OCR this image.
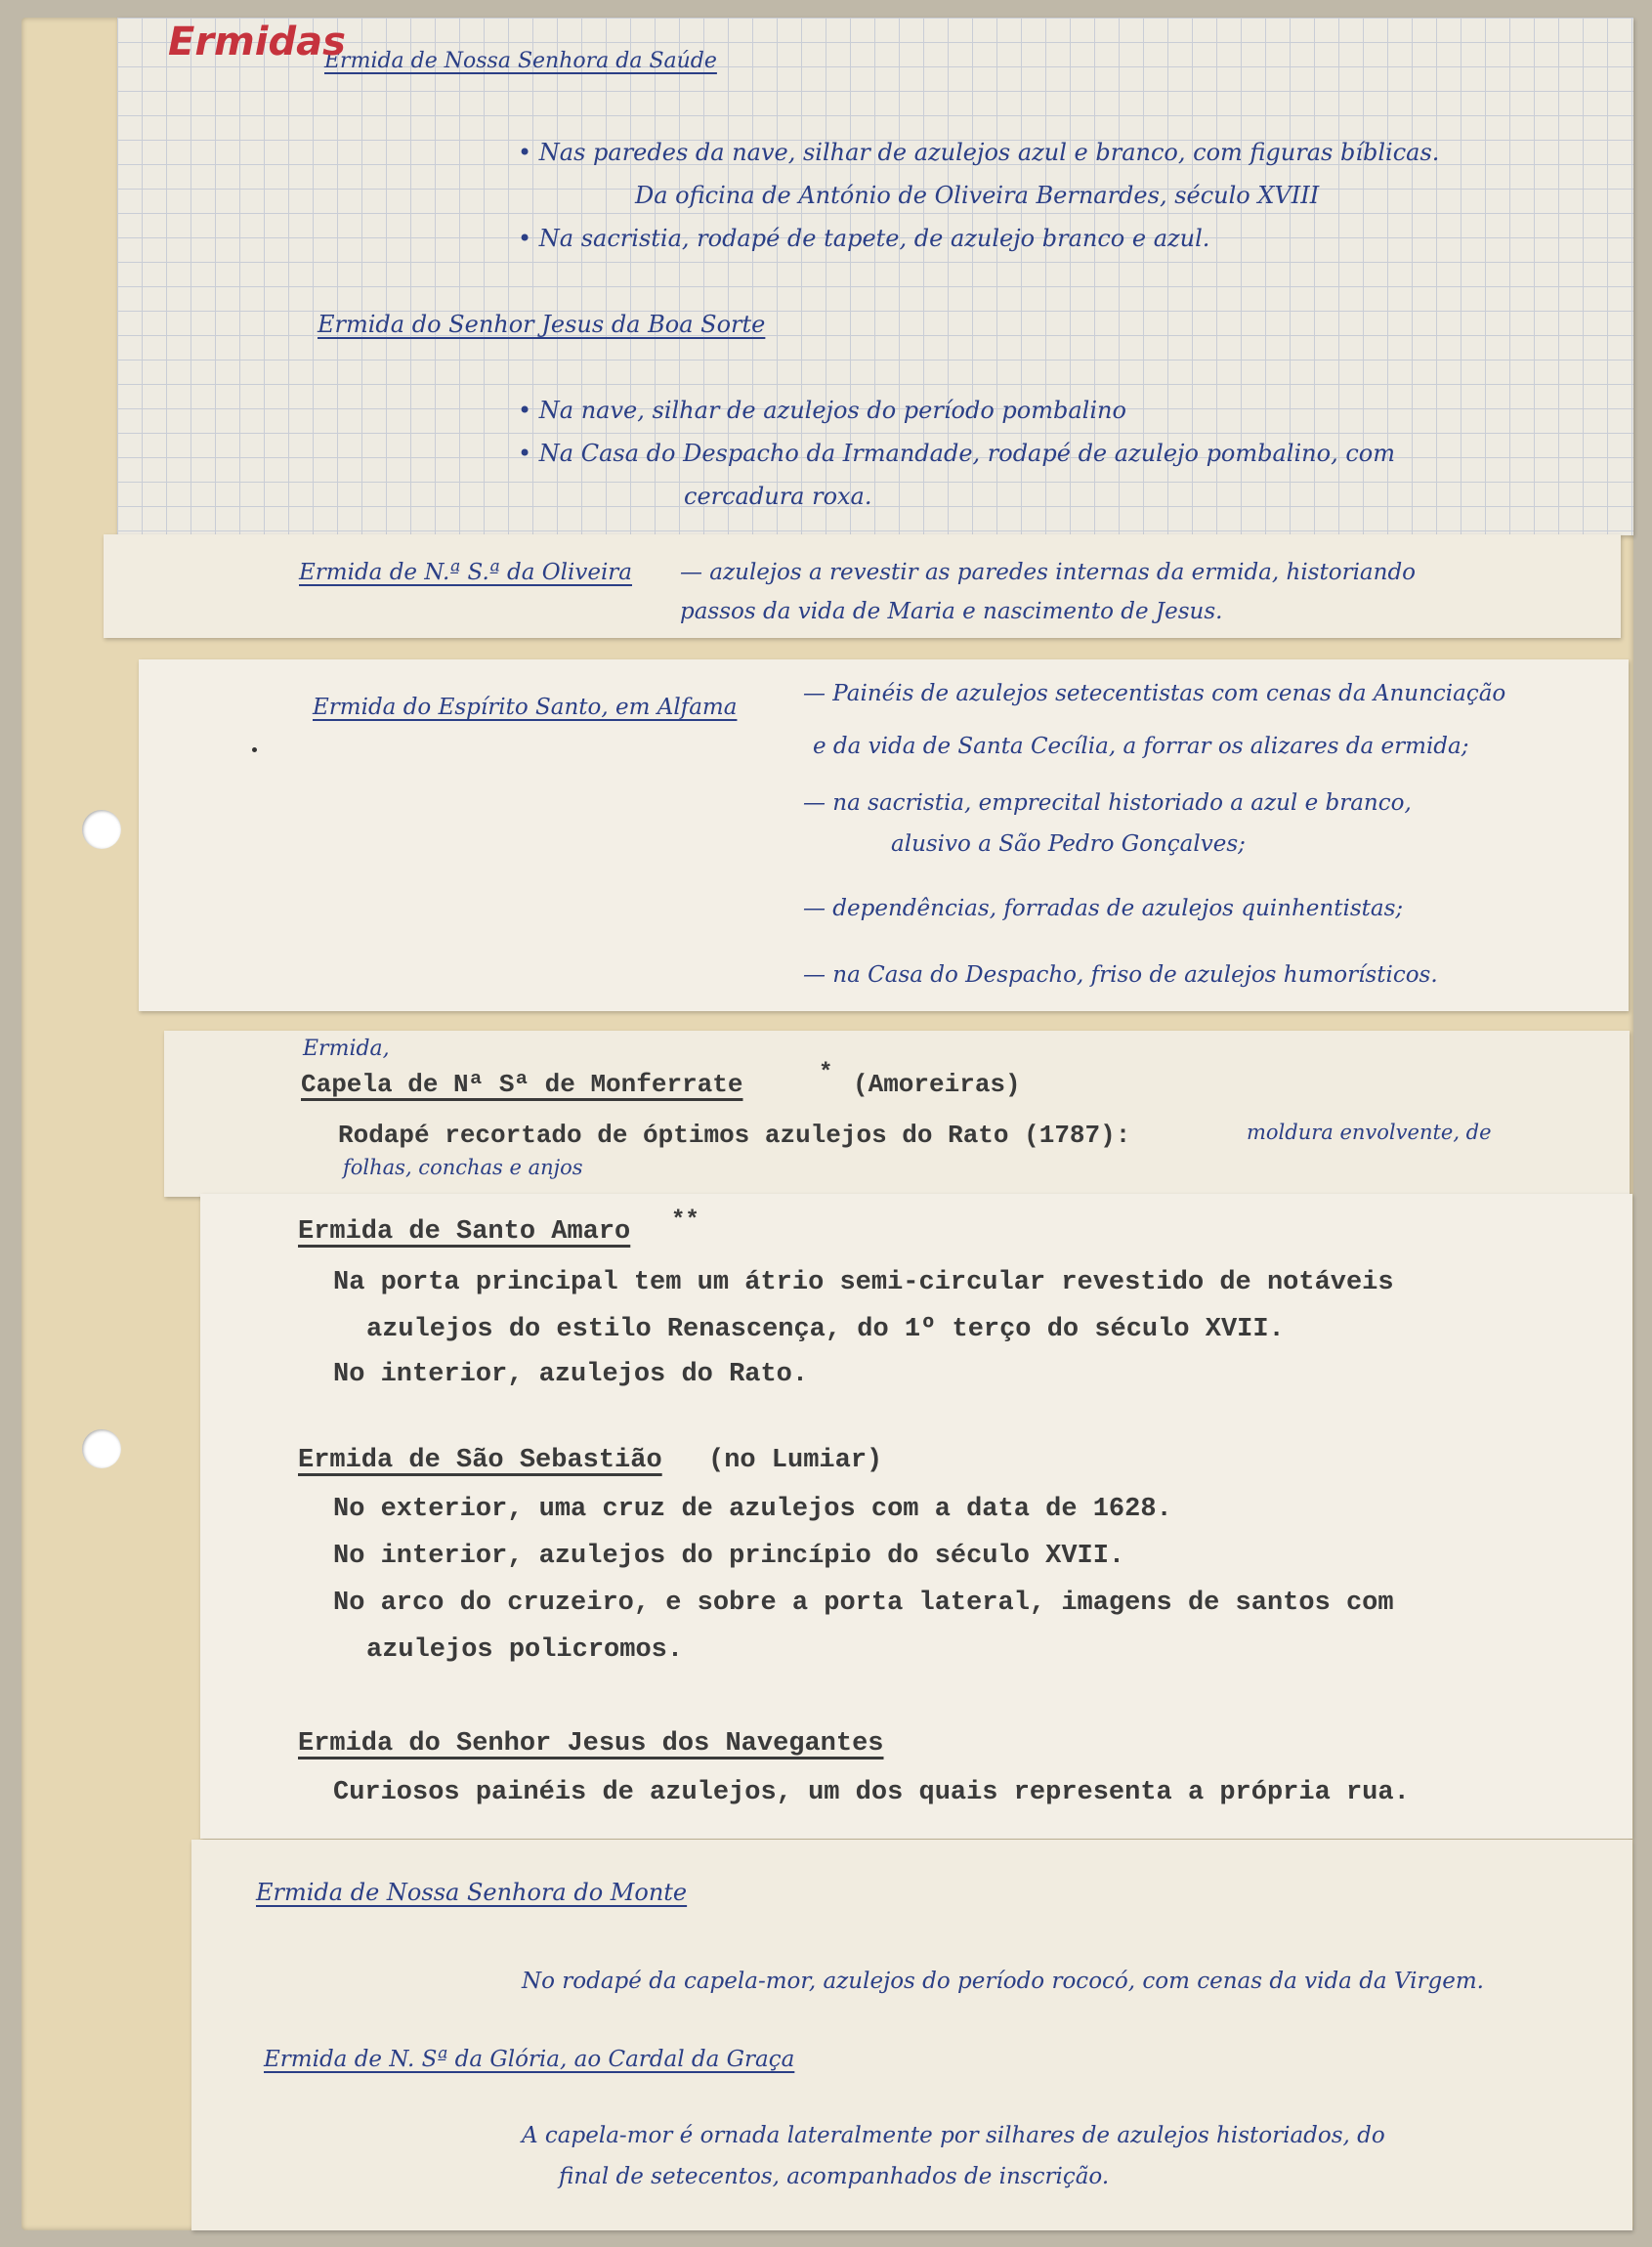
Ermida de Nossa Senhora da Saúde
• Nas paredes da nave, silhar de azulejos azul e branco, com figuras bíblicas.
Da oficina de António de Oliveira Bernardes, século XVIII
• Na sacristia, rodapé de tapete, de azulejo branco e azul.
Ermida do Senhor Jesus da Boa Sorte
• Na nave, silhar de azulejos do período pombalino
• Na Casa do Despacho da Irmandade, rodapé de azulejo pombalino, com
cercadura roxa.
Ermidas
Ermida de N.ª S.ª da Oliveira — azulejos a revestir as paredes internas da ermida, historiando
passos da vida de Maria e nascimento de Jesus.
Ermida do Espírito Santo, em Alfama
— Painéis de azulejos setecentistas com cenas da Anunciação
e da vida de Santa Cecília, a forrar os alizares da ermida;
— na sacristia, emprecital historiado a azul e branco,
alusivo a São Pedro Gonçalves;
— dependências, forradas de azulejos quinhentistas;
— na Casa do Despacho, friso de azulejos humorísticos.
Ermida,
Capela de Nª Sª de Monferrate	* (Amoreiras)
Rodapé recortado de óptimos azulejos do Rato (1787):	moldura envolvente, de
folhas, conchas e anjos
Ermida de Santo Amaro **
Na porta principal tem um átrio semi-circular revestido de notáveis
azulejos do estilo Renascença, do 1º terço do século XVII.
No interior, azulejos do Rato.
Ermida de São Sebastião (no Lumiar)
No exterior, uma cruz de azulejos com a data de 1628.
No interior, azulejos do princípio do século XVII.
No arco do cruzeiro, e sobre a porta lateral, imagens de santos com
azulejos policromos.
Ermida do Senhor Jesus dos Navegantes
Curiosos painéis de azulejos, um dos quais representa a própria rua.
Ermida de Nossa Senhora do Monte
No rodapé da capela-mor, azulejos do período rococó, com cenas da vida da Virgem.
Ermida de N. Sª da Glória, ao Cardal da Graça
A capela-mor é ornada lateralmente por silhares de azulejos historiados, do
final de setecentos, acompanhados de inscrição.
